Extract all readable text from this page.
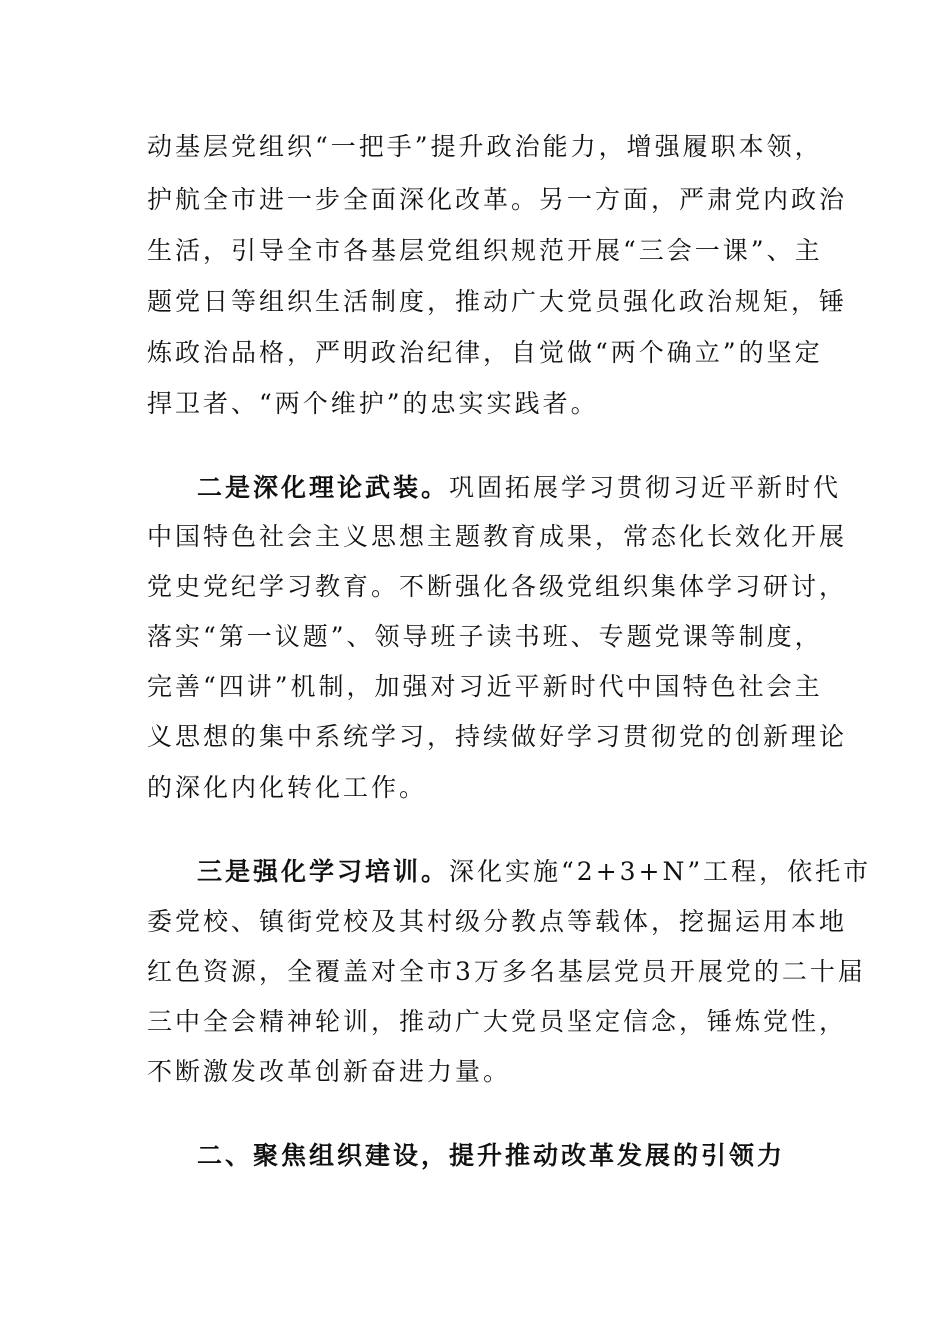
动基层党组织“一把手”提升政治能力，增强履职本领，
护航全市进一步全面深化改革。另一方面，严肃党内政治
生活，引导全市各基层党组织规范开展“三会一课”、主
题党日等组织生活制度，推动广大党员强化政治规矩，锤
炼政治品格，严明政治纪律，自觉做“两个确立”的坚定
捍卫者、“两个维护”的忠实实践者。
二是深化理论武装。巩固拓展学习贯彻习近平新时代
中国特色社会主义思想主题教育成果，常态化长效化开展
党史党纪学习教育。不断强化各级党组织集体学习研讨，
落实“第一议题”、领导班子读书班、专题党课等制度，
完善“四讲”机制，加强对习近平新时代中国特色社会主
义思想的集中系统学习，持续做好学习贯彻党的创新理论
的深化内化转化工作。
三是强化学习培训。深化实施“2+3+N”工程，依托市
委党校、镇街党校及其村级分教点等载体，挖掘运用本地
红色资源，全覆盖对全市3万多名基层党员开展党的二十届
三中全会精神轮训，推动广大党员坚定信念，锤炼党性，
不断激发改革创新奋进力量。
二、聚焦组织建设，提升推动改革发展的引领力
